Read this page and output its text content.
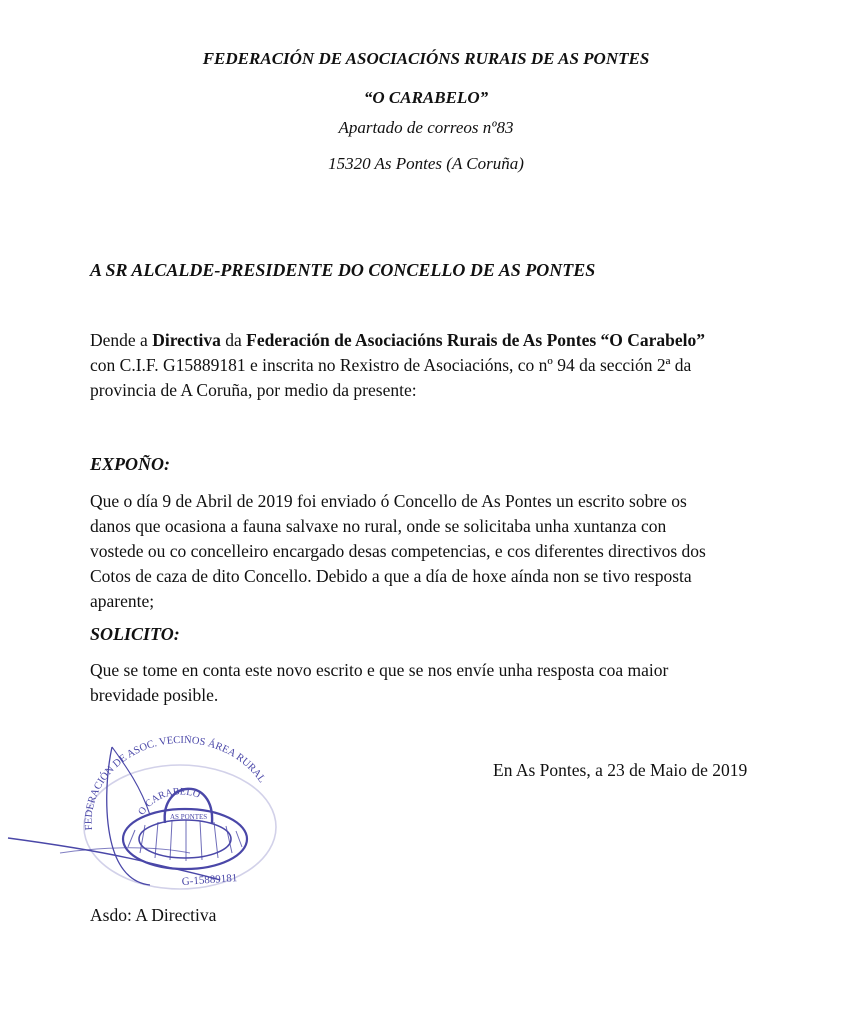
FEDERACIÓN DE ASOCIACIÓNS RURAIS DE AS PONTES
“O CARABELO”
Apartado de correos nº83
15320 As Pontes (A Coruña)
A SR ALCALDE-PRESIDENTE DO CONCELLO DE AS PONTES
Dende a Directiva da Federación de Asociacións Rurais de As Pontes “O Carabelo”
con C.I.F. G15889181 e inscrita no Rexistro de Asociacións, co nº 94 da sección 2ª da
provincia de A Coruña, por medio da presente:
EXPOÑO:
Que o día 9 de Abril de 2019 foi enviado ó Concello de As Pontes un escrito sobre os
danos que ocasiona a fauna salvaxe no rural, onde se solicitaba unha xuntanza con
vostede ou co concelleiro encargado desas competencias, e cos diferentes directivos dos
Cotos de caza de dito Concello. Debido a que a día de hoxe aínda non se tivo resposta
aparente;
SOLICITO:
Que se tome en conta este novo escrito e que se nos envíe unha resposta coa maior
brevidade posible.
En As Pontes, a 23 de Maio de 2019
FEDERACIÓN DE ASOC. VECIÑOS ÁREA RURAL
O CARABELO
AS PONTES
G-15889181
Asdo: A Directiva
